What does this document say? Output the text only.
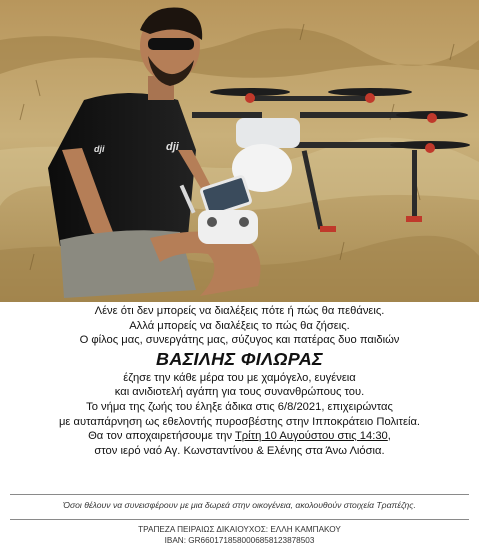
dji
dji
Λένε ότι δεν μπορείς να διαλέξεις πότε ή πώς θα πεθάνεις.
Αλλά μπορείς να διαλέξεις το πώς θα ζήσεις.
Ο φίλος μας, συνεργάτης μας, σύζυγος και πατέρας δυο παιδιών
ΒΑΣΙΛΗΣ ΦΙΛΩΡΑΣ
έζησε την κάθε μέρα του με χαμόγελο, ευγένεια
και ανιδιοτελή αγάπη για τους συνανθρώπους του.
Το νήμα της ζωής του έληξε άδικα στις 6/8/2021, επιχειρώντας
με αυταπάρνηση ως εθελοντής πυροσβέστης στην Ιπποκράτειο Πολιτεία.
Θα τον αποχαιρετήσουμε την Τρίτη 10 Αυγούστου στις 14:30,
στον ιερό ναό Αγ. Κωνσταντίνου & Ελένης στα Άνω Λιόσια.
Όσοι θέλουν να συνεισφέρουν με μια δωρεά στην οικογένεια, ακολουθούν στοιχεία Τραπέζης.
ΤΡΑΠΕΖΑ ΠΕΙΡΑΙΩΣ ΔΙΚΑΙΟΥΧΟΣ: ΕΛΛΗ ΚΑΜΠΑΚΟΥ
IBAN: GR6601718580006858123878503
